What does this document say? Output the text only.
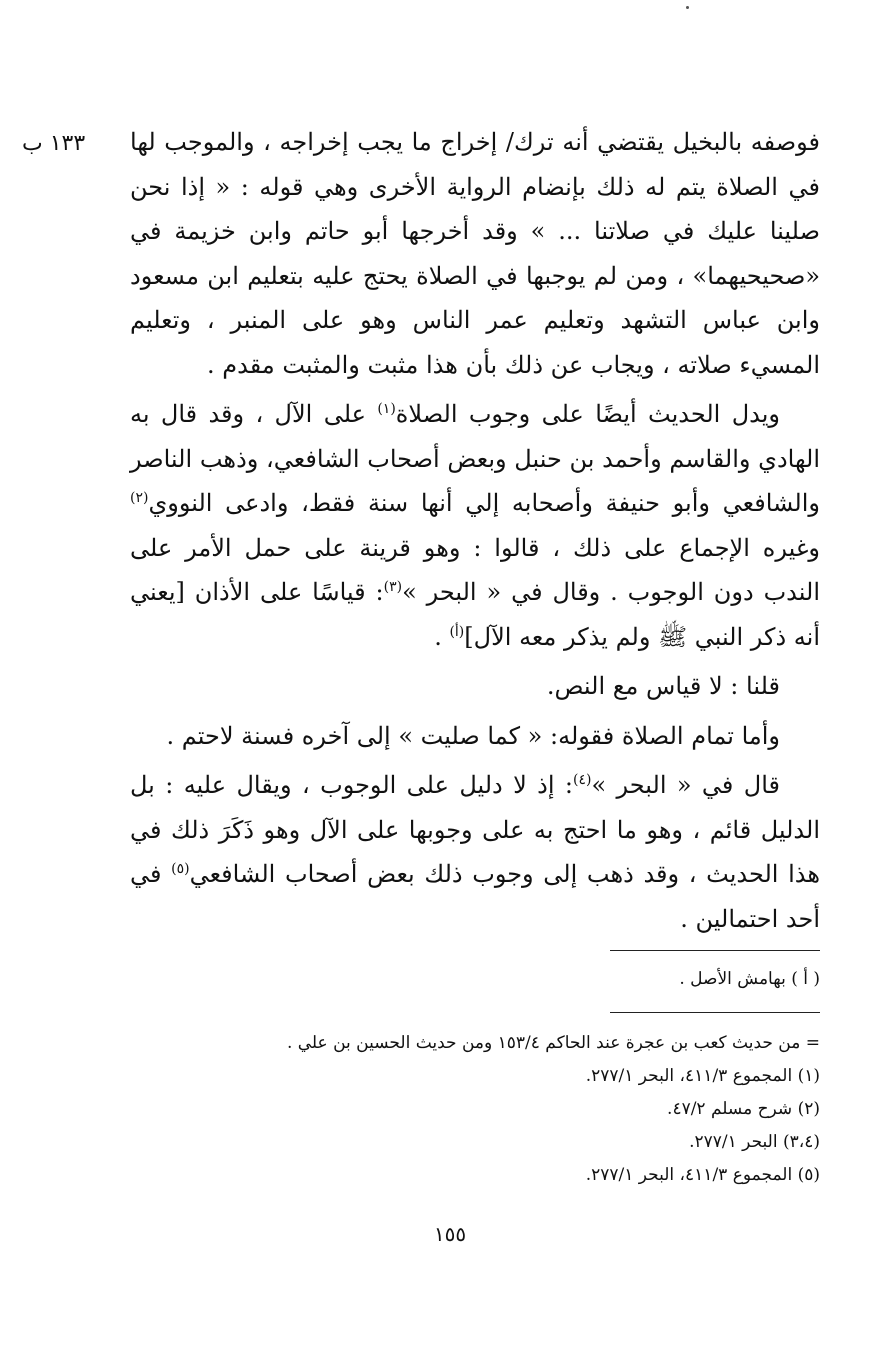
١٣٣ ب	فوصفه بالبخيل يقتضي أنه ترك/ إخراج ما يجب إخراجه ، والموجب لها في الصلاة يتم له ذلك بإنضام الرواية الأخرى وهي قوله : « إذا نحن صلينا عليك في صلاتنا ... » وقد أخرجها أبو حاتم وابن خزيمة في «صحيحيهما» ، ومن لم يوجبها في الصلاة يحتج عليه بتعليم ابن مسعود وابن عباس التشهد وتعليم عمر الناس وهو على المنبر ، وتعليم المسيء صلاته ، ويجاب عن ذلك بأن هذا مثبت والمثبت مقدم .

ويدل الحديث أيضًا على وجوب الصلاة$^{(١)}$ على الآل ، وقد قال به الهادي والقاسم وأحمد بن حنبل وبعض أصحاب الشافعي، وذهب الناصر والشافعي وأبو حنيفة وأصحابه إلي أنها سنة فقط، وادعى النووي$^{(٢)}$ وغيره الإجماع على ذلك ، قالوا : وهو قرينة على حمل الأمر على الندب دون الوجوب . وقال في « البحر »$^{(٣)}$: قياسًا على الأذان [يعني أنه ذكر النبي ﷺ ولم يذكر معه الآل]$^{(أ)}$ .

قلنا : لا قياس مع النص.

وأما تمام الصلاة فقوله: « كما صليت » إلى آخره فسنة لاحتم .

قال في « البحر »$^{(٤)}$: إذ لا دليل على الوجوب ، ويقال عليه : بل الدليل قائم ، وهو ما احتج به على وجوبها على الآل وهو ذَكَرَ ذلك في هذا الحديث ، وقد ذهب إلى وجوب ذلك بعض أصحاب الشافعي$^{(٥)}$ في أحد احتمالين .

( أ ) بهامش الأصل .
= من حديث كعب بن عجرة عند الحاكم ١٥٣/٤ ومن حديث الحسين بن علي .
(١) المجموع ٤١١/٣، البحر ٢٧٧/١.
(٢) شرح مسلم ٤٧/٢.
(٣،٤) البحر ٢٧٧/١.
(٥) المجموع ٤١١/٣، البحر ٢٧٧/١.
١٥٥
